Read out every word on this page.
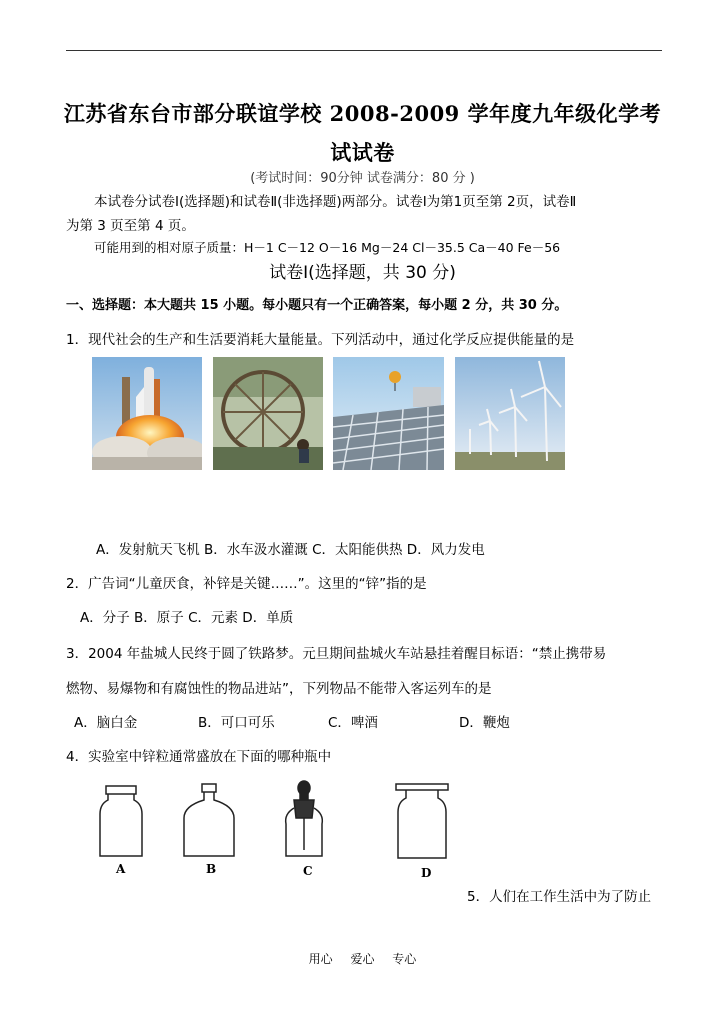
江苏省东台市部分联谊学校 2008-2009 学年度九年级化学考
试试卷
(考试时间：90分钟 试卷满分：80 分 )
本试卷分试卷Ⅰ(选择题)和试卷Ⅱ(非选择题)两部分。试卷Ⅰ为第1页至第 2页，试卷Ⅱ
为第 3 页至第 4 页。
可能用到的相对原子质量：H－1 C－12 O－16 Mg－24 Cl－35.5 Ca－40 Fe－56
试卷Ⅰ(选择题，共 30 分)
一、选择题：本大题共 15 小题。每小题只有一个正确答案，每小题 2 分，共 30 分。
1．现代社会的生产和生活要消耗大量能量。下列活动中，通过化学反应提供能量的是
A．发射航天飞机 B．水车汲水灌溉 C．太阳能供热 D．风力发电
2．广告词“儿童厌食，补锌是关键……”。这里的“锌”指的是
A．分子 B．原子 C．元素 D．单质
3．2004 年盐城人民终于圆了铁路梦。元旦期间盐城火车站悬挂着醒目标语：“禁止携带易
燃物、易爆物和有腐蚀性的物品进站”，下列物品不能带入客运列车的是
A．脑白金	B．可口可乐	C．啤酒	D．鞭炮
4．实验室中锌粒通常盛放在下面的哪种瓶中
A	B	C	D
5．人们在工作生活中为了防止
用心 爱心 专心
